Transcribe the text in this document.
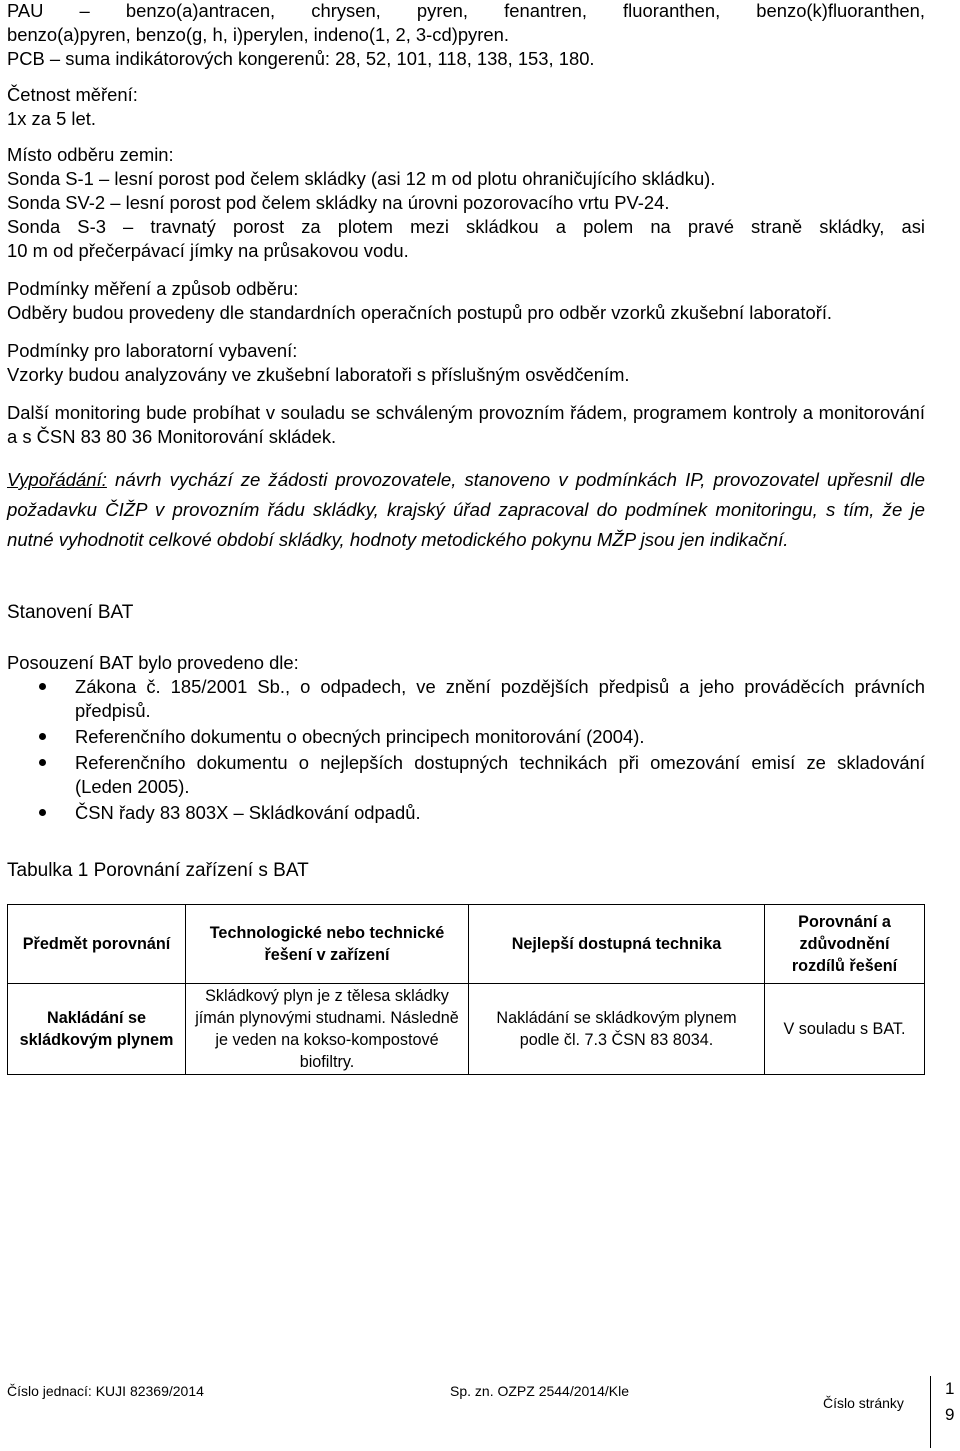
PAU – benzo(a)antracen, chrysen, pyren, fenantren, fluoranthen, benzo(k)fluoranthen,

benzo(a)pyren, benzo(g, h, i)perylen, indeno(1, 2, 3-cd)pyren.

PCB – suma indikátorových kongerenů: 28, 52, 101, 118, 138, 153, 180.

Četnost měření:

1x za 5 let.

Místo odběru zemin:

Sonda S-1 – lesní porost pod čelem skládky (asi 12 m od plotu ohraničujícího skládku).

Sonda SV-2 – lesní porost pod čelem skládky na úrovni pozorovacího vrtu PV-24.

Sonda S-3 – travnatý porost za plotem mezi skládkou a polem na pravé straně skládky, asi

10 m od přečerpávací jímky na průsakovou vodu.

Podmínky měření a způsob odběru:

Odběry budou provedeny dle standardních operačních postupů pro odběr vzorků zkušební laboratoří.

Podmínky pro laboratorní vybavení:

Vzorky budou analyzovány ve zkušební laboratoři s příslušným osvědčením.

Další monitoring bude probíhat v souladu se schváleným provozním řádem, programem kontroly a monitorování a s ČSN 83 80 36 Monitorování skládek.

Vypořádání: návrh vychází ze žádosti provozovatele, stanoveno v podmínkách IP, provozovatel upřesnil dle požadavku ČIŽP v provozním řádu skládky, krajský úřad zapracoval do podmínek monitoringu, s tím, že je nutné vyhodnotit celkové období skládky, hodnoty metodického pokynu MŽP jsou jen indikační.

Stanovení BAT

Posouzení BAT bylo provedeno dle:

Zákona č. 185/2001 Sb., o odpadech, ve znění pozdějších předpisů a jeho prováděcích právních předpisů.
Referenčního dokumentu o obecných principech monitorování (2004).
Referenčního dokumentu o nejlepších dostupných technikách při omezování emisí ze skladování (Leden 2005).
ČSN řady 83 803X – Skládkování odpadů.

Tabulka 1 Porovnání zařízení s BAT

Předmět porovnání	Technologické nebo technické řešení v zařízení	Nejlepší dostupná technika	Porovnání a zdůvodnění rozdílů řešení
Nakládání se skládkovým plynem	Skládkový plyn je z tělesa skládky jímán plynovými studnami. Následně je veden na kokso-kompostové biofiltry.	Nakládání se skládkovým plynem podle čl. 7.3 ČSN 83 8034.	V souladu s BAT.
Číslo jednací: KUJI 82369/2014	Sp. zn. OZPZ 2544/2014/Kle
Číslo stránky
1
9
